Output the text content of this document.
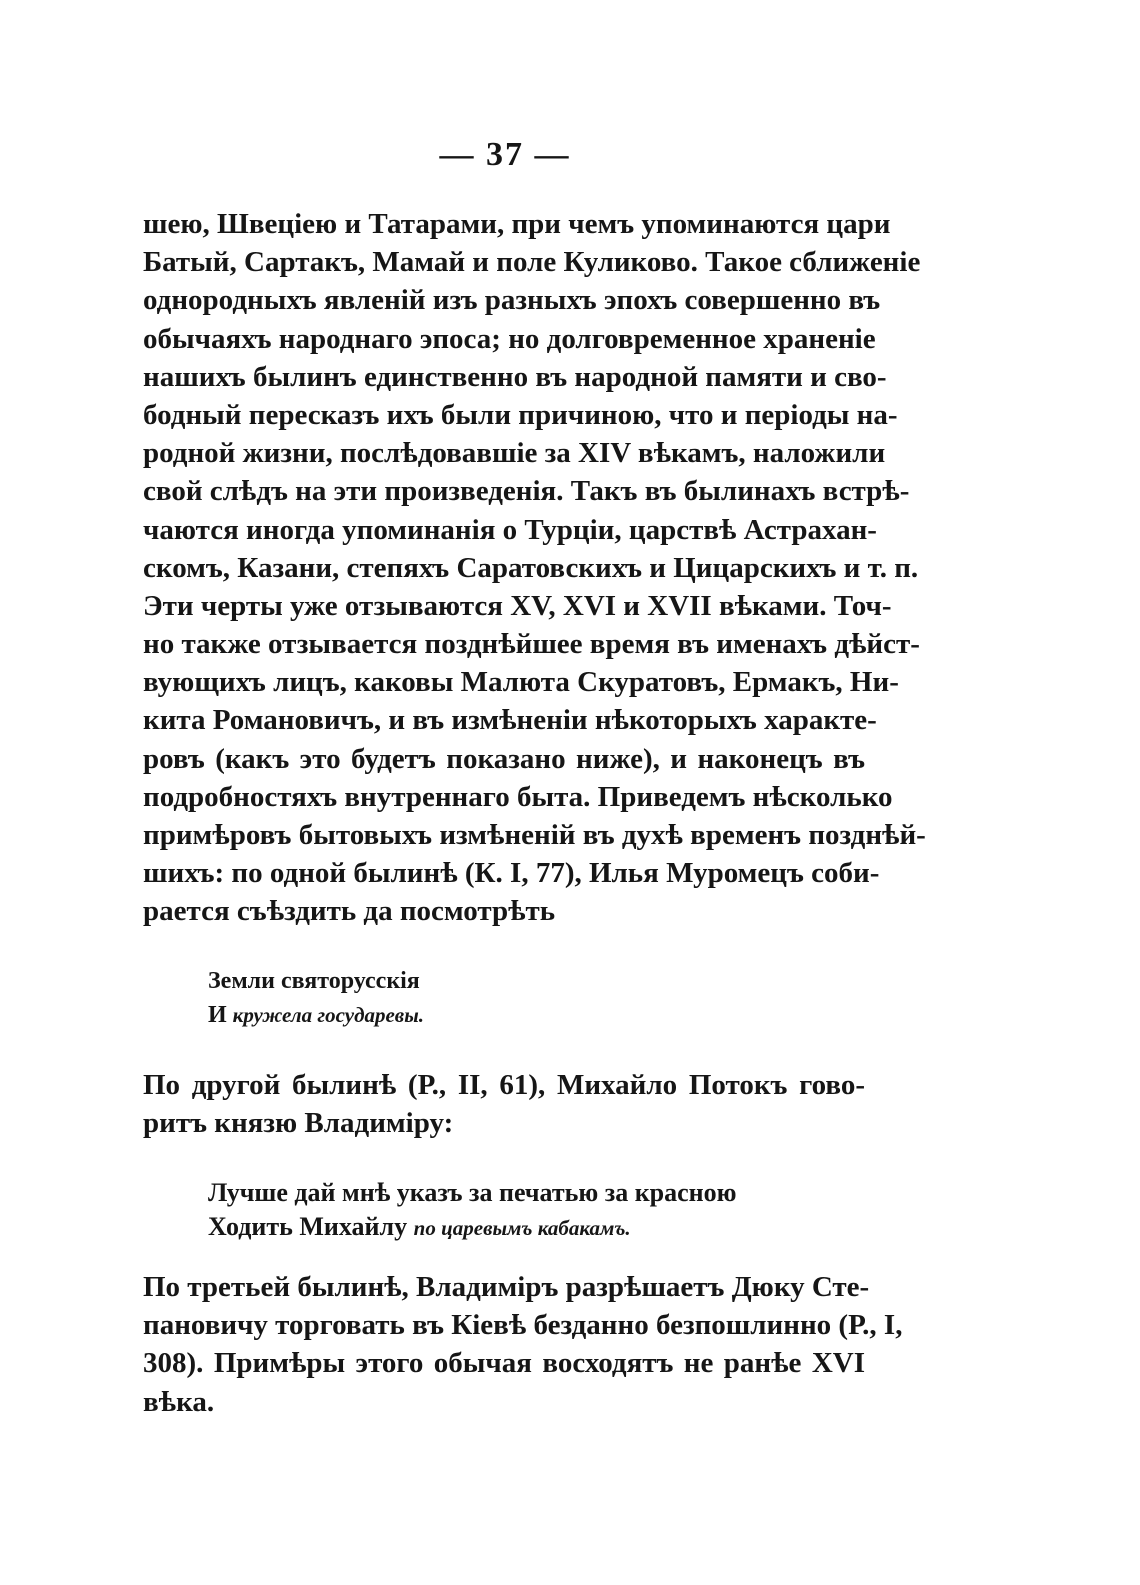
— 37 —
шею, Швеціею и Татарами, при чемъ упоминаются цари
Батый, Сартакъ, Мамай и поле Куликово. Такое сближеніе
однородныхъ явленій изъ разныхъ эпохъ совершенно въ
обычаяхъ народнаго эпоса; но долговременное храненіе
нашихъ былинъ единственно въ народной памяти и сво-
бодный пересказъ ихъ были причиною, что и періоды на-
родной жизни, послѣдовавшіе за XIV вѣкамъ, наложили
свой слѣдъ на эти произведенія. Такъ въ былинахъ встрѣ-
чаются иногда упоминанія о Турціи, царствѣ Астрахан-
скомъ, Казани, степяхъ Саратовскихъ и Цицарскихъ и т. п.
Эти черты уже отзываются XV, XVI и XVII вѣками. Точ-
но также отзывается позднѣйшее время въ именахъ дѣйст-
вующихъ лицъ, каковы Малюта Скуратовъ, Ермакъ, Ни-
кита Романовичъ, и въ измѣненіи нѣкоторыхъ характе-
ровъ (какъ это будетъ показано ниже), и наконецъ въ
подробностяхъ внутреннаго быта. Приведемъ нѣсколько
примѣровъ бытовыхъ измѣненій въ духѣ временъ позднѣй-
шихъ: по одной былинѣ (К. I, 77), Илья Муромецъ соби-
рается съѣздить да посмотрѣть
Земли святорусскія
И кружела государевы.
По другой былинѣ (Р., II, 61), Михайло Потокъ гово-
ритъ князю Владиміру:
Лучше дай мнѣ указъ за печатью за красною
Ходить Михайлу по царевымъ кабакамъ.
По третьей былинѣ, Владиміръ разрѣшаетъ Дюку Сте-
пановичу торговать въ Кіевѣ безданно безпошлинно (Р., I,
308). Примѣры этого обычая восходятъ не ранѣе XVI
вѣка.
